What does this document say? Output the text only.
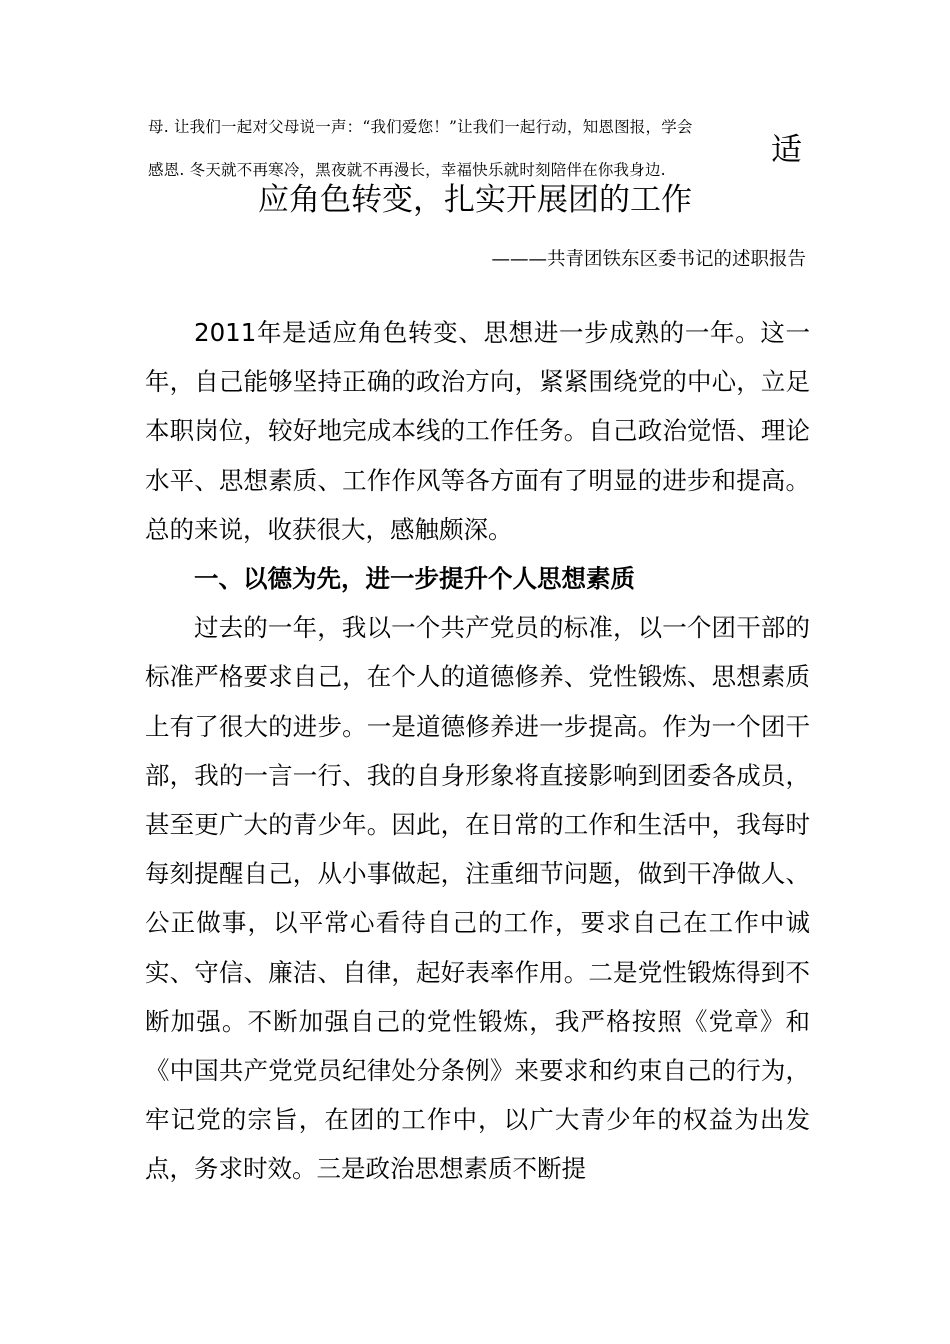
母. 让我们一起对父母说一声：“我们爱您！”让我们一起行动，知恩图报，学会
感恩. 冬天就不再寒冷，黑夜就不再漫长，幸福快乐就时刻陪伴在你我身边.
适
应角色转变，扎实开展团的工作
———共青团铁东区委书记的述职报告

2011年是适应角色转变、思想进一步成熟的一年。这一年，自己能够坚持正确的政治方向，紧紧围绕党的中心，立足本职岗位，较好地完成本线的工作任务。自己政治觉悟、理论水平、思想素质、工作作风等各方面有了明显的进步和提高。总的来说，收获很大，感触颇深。

一、以德为先，进一步提升个人思想素质

过去的一年，我以一个共产党员的标准，以一个团干部的标准严格要求自己，在个人的道德修养、党性锻炼、思想素质上有了很大的进步。一是道德修养进一步提高。作为一个团干部，我的一言一行、我的自身形象将直接影响到团委各成员，甚至更广大的青少年。因此，在日常的工作和生活中，我每时每刻提醒自己，从小事做起，注重细节问题，做到干净做人、公正做事，以平常心看待自己的工作，要求自己在工作中诚实、守信、廉洁、自律，起好表率作用。二是党性锻炼得到不断加强。不断加强自己的党性锻炼，我严格按照《党章》和《中国共产党党员纪律处分条例》来要求和约束自己的行为，牢记党的宗旨，在团的工作中，以广大青少年的权益为出发点，务求时效。三是政治思想素质不断提
